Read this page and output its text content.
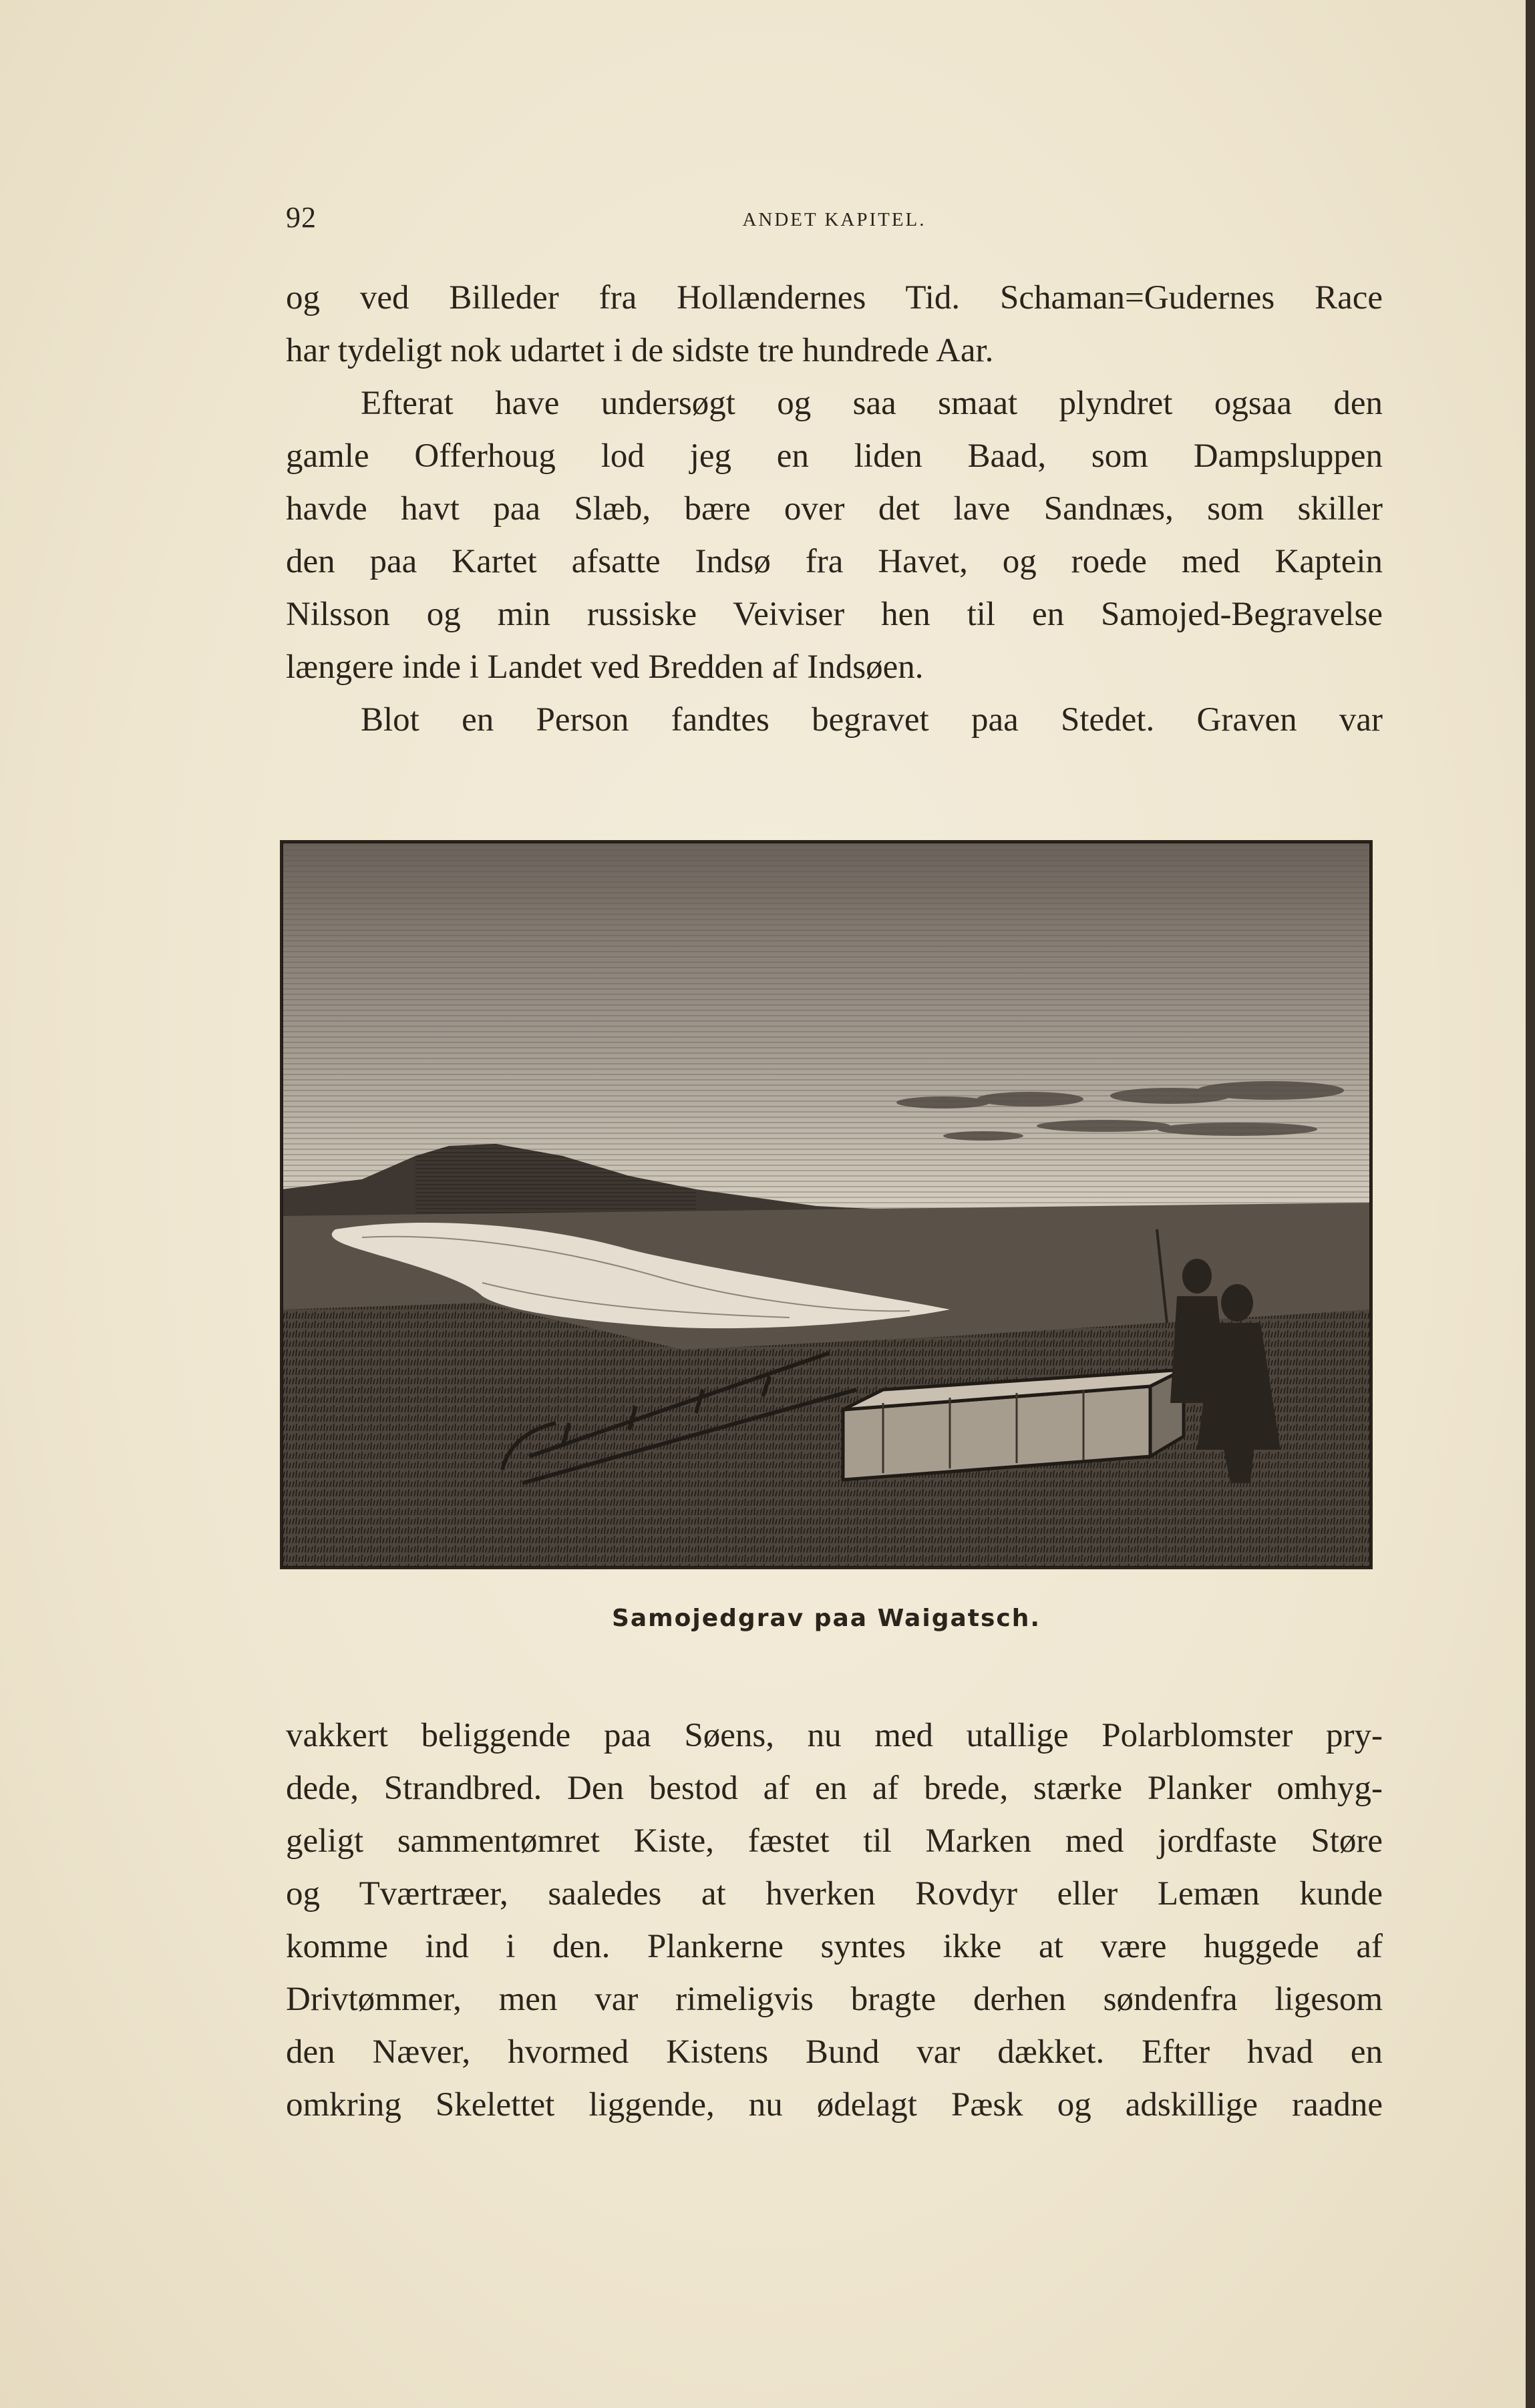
92	ANDET KAPITEL.
og ved Billeder fra Hollændernes Tid. Schaman=Gudernes Race
har tydeligt nok udartet i de sidste tre hundrede Aar.
Efterat have undersøgt og saa smaat plyndret ogsaa den
gamle Offerhoug lod jeg en liden Baad, som Dampsluppen
havde havt paa Slæb, bære over det lave Sandnæs, som skiller
den paa Kartet afsatte Indsø fra Havet, og roede med Kaptein
Nilsson og min russiske Veiviser hen til en Samojed-Begravelse
længere inde i Landet ved Bredden af Indsøen.
Blot en Person fandtes begravet paa Stedet. Graven var
Samojedgrav paa Waigatsch.
vakkert beliggende paa Søens, nu med utallige Polarblomster pry-
dede, Strandbred. Den bestod af en af brede, stærke Planker omhyg-
geligt sammentømret Kiste, fæstet til Marken med jordfaste Støre
og Tværtræer, saaledes at hverken Rovdyr eller Lemæn kunde
komme ind i den. Plankerne syntes ikke at være huggede af
Drivtømmer, men var rimeligvis bragte derhen søndenfra ligesom
den Næver, hvormed Kistens Bund var dækket. Efter hvad en
omkring Skelettet liggende, nu ødelagt Pæsk og adskillige raadne
